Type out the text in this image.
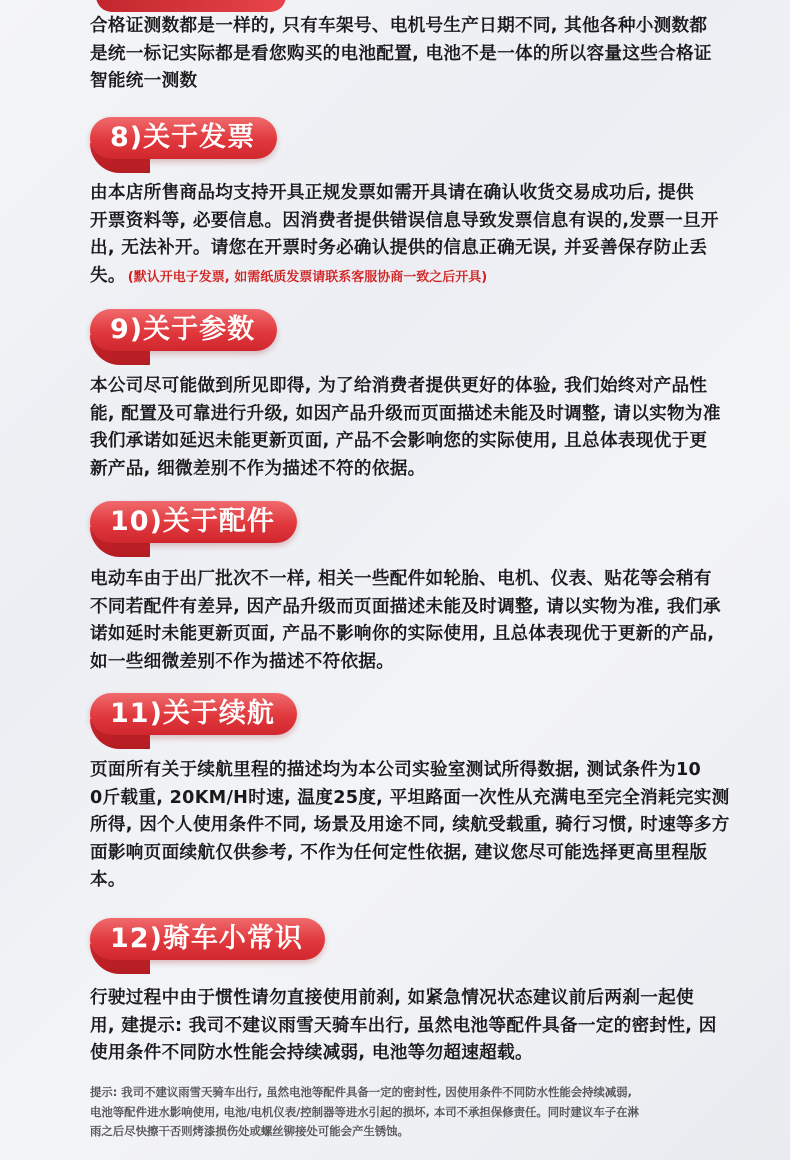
合格证测数都是一样的, 只有车架号、电机号生产日期不同, 其他各种小测数都
是统一标记实际都是看您购买的电池配置, 电池不是一体的所以容量这些合格证
智能统一测数
8)关于发票
由本店所售商品均支持开具正规发票如需开具请在确认收货交易成功后, 提供
开票资料等, 必要信息。因消费者提供错误信息导致发票信息有误的,发票一旦开
出, 无法补开。请您在开票时务必确认提供的信息正确无误, 并妥善保存防止丢
失。 (默认开电子发票, 如需纸质发票请联系客服协商一致之后开具)
9)关于参数
本公司尽可能做到所见即得, 为了给消费者提供更好的体验, 我们始终对产品性
能, 配置及可靠进行升级, 如因产品升级而页面描述未能及时调整, 请以实物为准
我们承诺如延迟未能更新页面, 产品不会影响您的实际使用, 且总体表现优于更
新产品, 细微差别不作为描述不符的依据。
10)关于配件
电动车由于出厂批次不一样, 相关一些配件如轮胎、电机、仪表、贴花等会稍有
不同若配件有差异, 因产品升级而页面描述未能及时调整, 请以实物为准, 我们承
诺如延时未能更新页面, 产品不影响你的实际使用, 且总体表现优于更新的产品,
如一些细微差别不作为描述不符依据。
11)关于续航
页面所有关于续航里程的描述均为本公司实验室测试所得数据, 测试条件为10
0斤载重, 20KM/H时速, 温度25度, 平坦路面一次性从充满电至完全消耗完实测
所得, 因个人使用条件不同, 场景及用途不同, 续航受载重, 骑行习惯, 时速等多方
面影响页面续航仅供参考, 不作为任何定性依据, 建议您尽可能选择更高里程版
本。
12)骑车小常识
行驶过程中由于惯性请勿直接使用前刹, 如紧急情况状态建议前后两刹一起使
用, 建提示: 我司不建议雨雪天骑车出行, 虽然电池等配件具备一定的密封性, 因
使用条件不同防水性能会持续减弱, 电池等勿超速超载。
提示: 我司不建议雨雪天骑车出行, 虽然电池等配件具备一定的密封性, 因使用条件不同防水性能会持续减弱,
电池等配件进水影响使用, 电池/电机仪表/控制器等进水引起的损坏, 本司不承担保修责任。同时建议车子在淋
雨之后尽快擦干否则烤漆损伤处或螺丝铆接处可能会产生锈蚀。
